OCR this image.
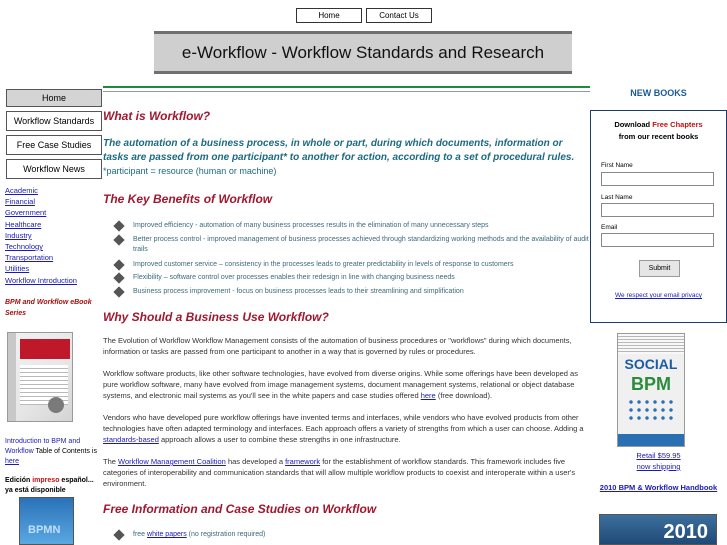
Home	Contact Us
e-Workflow - Workflow Standards and Research
Home
Workflow Standards
Free Case Studies
Workflow News
Academic
Financial
Government
Healthcare
Industry
Technology
Transportation
Utilities
Workflow Introduction
BPM and Workflow eBook Series
Introduction to BPM and Workflow Table of Contents is here
Edición impreso español... ya está disponible
BPMN
What is Workflow?
The automation of a business process, in whole or part, during which documents, information or tasks are passed from one participant* to another for action, according to a set of procedural rules.
*participant = resource (human or machine)
The Key Benefits of Workflow
Improved efficiency - automation of many business processes results in the elimination of many unnecessary steps
Better process control - improved management of business processes achieved through standardizing working methods and the availability of audit trails
Improved customer service – consistency in the processes leads to greater predictability in levels of response to customers
Flexibility – software control over processes enables their redesign in line with changing business needs
Business process improvement - focus on business processes leads to their streamlining and simplification
Why Should a Business Use Workflow?
The Evolution of Workflow Workflow Management consists of the automation of business procedures or "workflows" during which documents, information or tasks are passed from one participant to another in a way that is governed by rules or procedures.
Workflow software products, like other software technologies, have evolved from diverse origins. While some offerings have been developed as pure workflow software, many have evolved from image management systems, document management systems, relational or object database systems, and electronic mail systems as you'll see in the white papers and case studies offered here (free download).
Vendors who have developed pure workflow offerings have invented terms and interfaces, while vendors who have evolved products from other technologies have often adapted terminology and interfaces. Each approach offers a variety of strengths from which a user can choose. Adding a standards-based approach allows a user to combine these strengths in one infrastructure.
The Workflow Management Coalition has developed a framework for the establishment of workflow standards. This framework includes five categories of interoperability and communication standards that will allow multiple workflow products to coexist and interoperate within a user's environment.
Free Information and Case Studies on Workflow
free white papers (no registration required)
NEW BOOKS
Download Free Chapters
from our recent books
First Name
Last Name
Email
Submit
We respect your email privacy
SOCIAL
BPM
Retail $59.95
now shipping
2010 BPM & Workflow Handbook
2010
